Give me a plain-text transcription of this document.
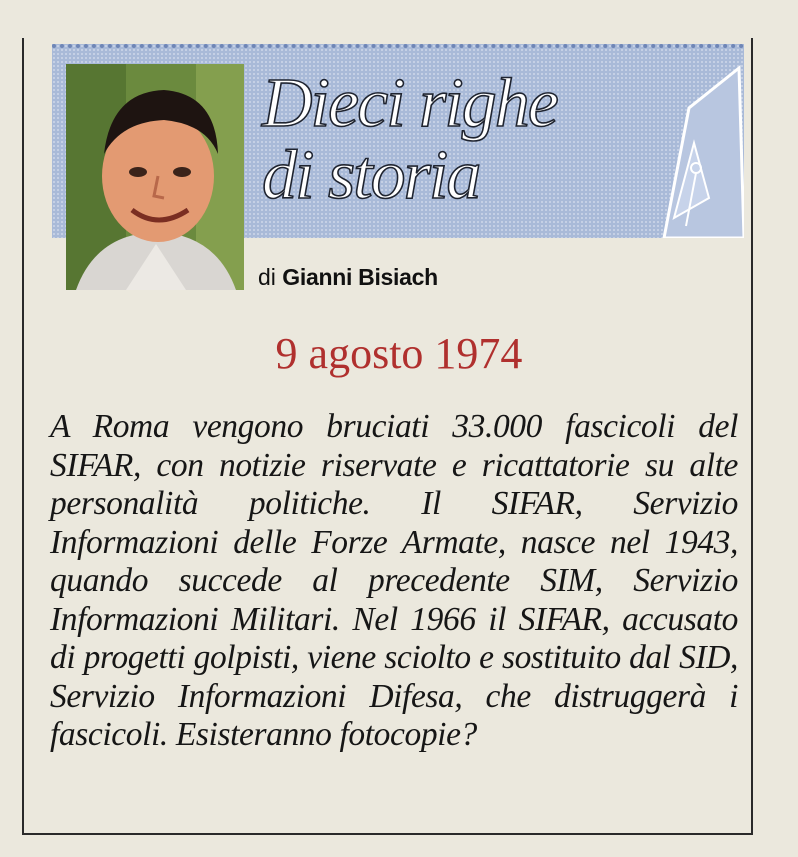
Dieci righe
di storia
di Gianni Bisiach
9 agosto 1974
A Roma vengono bruciati 33.000 fascicoli del SIFAR, con notizie riservate e ricattatorie su alte personalità politiche. Il SIFAR, Servizio Informazioni delle Forze Armate, nasce nel 1943, quando succede al precedente SIM, Servizio Informazioni Militari. Nel 1966 il SIFAR, accusato di progetti golpisti, viene sciolto e sostituito dal SID, Servizio Informazioni Difesa, che distruggerà i fascicoli. Esisteranno fotocopie?
